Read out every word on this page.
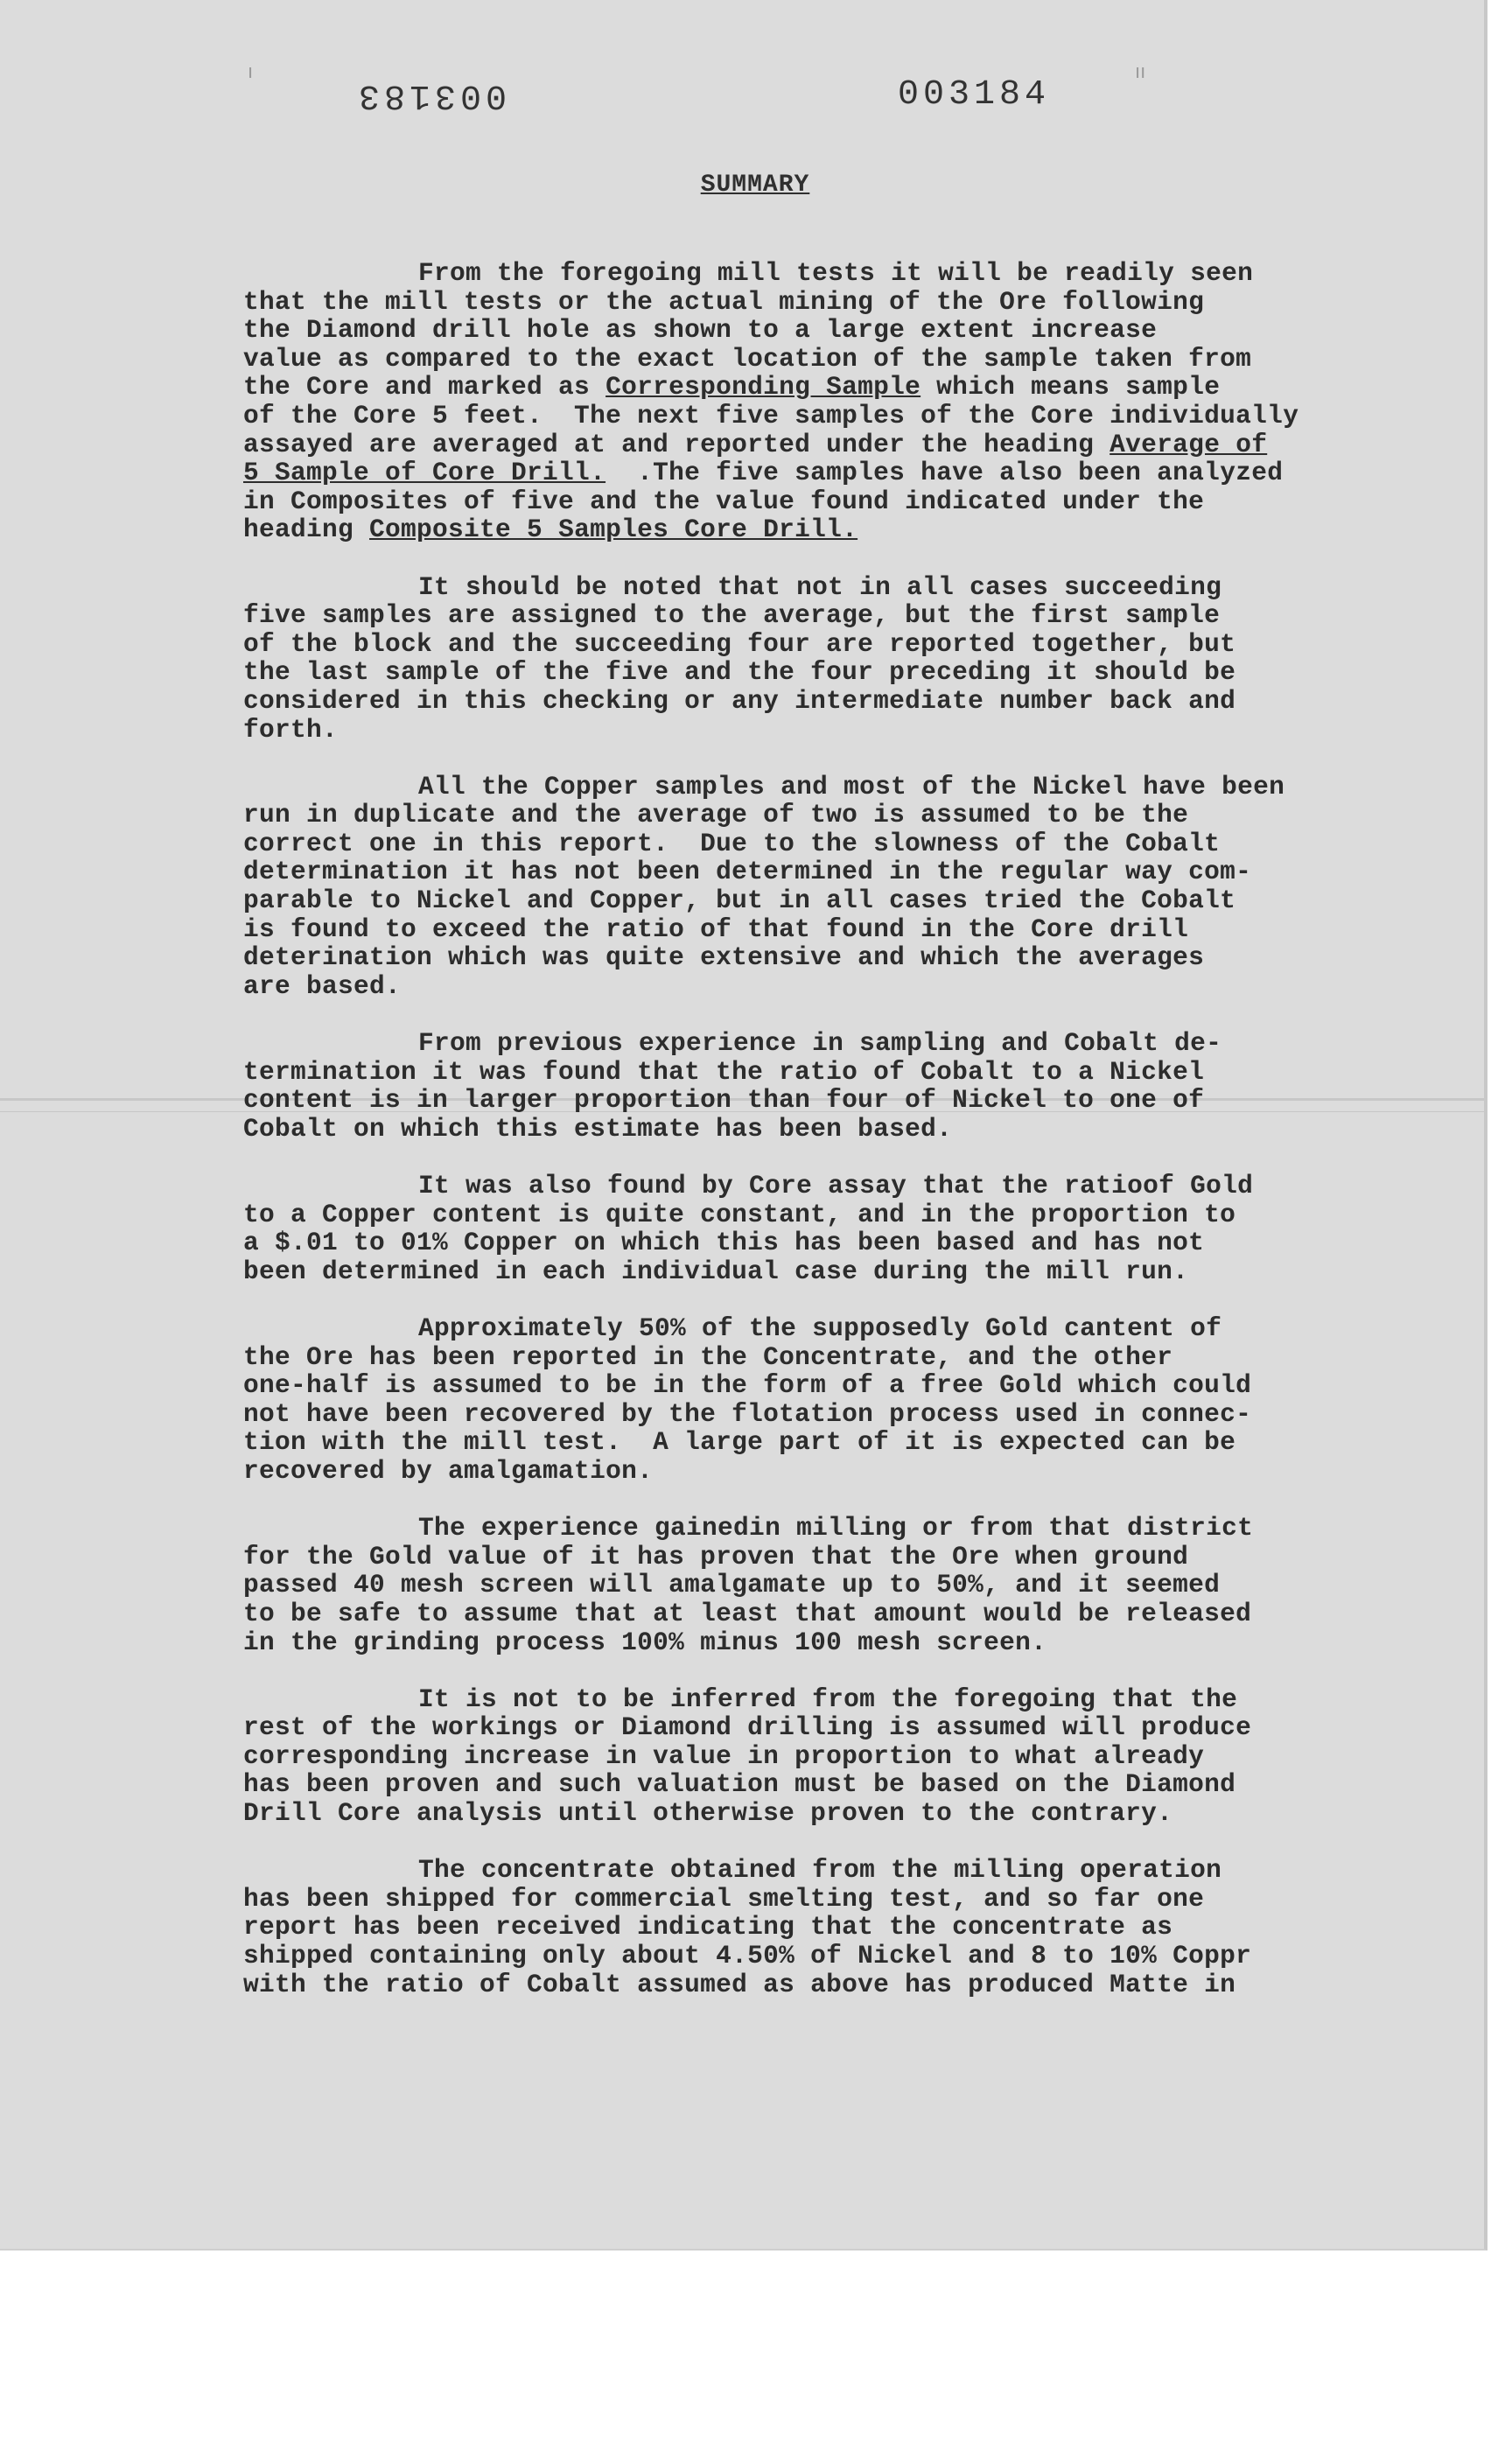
ı	ıı
003183	003184
SUMMARY
From the foregoing mill tests it will be readily seen
that the mill tests or the actual mining of the Ore following
the Diamond drill hole as shown to a large extent increase
value as compared to the exact location of the sample taken from
the Core and marked as Corresponding Sample which means sample
of the Core 5 feet.  The next five samples of the Core individually
assayed are averaged at and reported under the heading Average of
5 Sample of Core Drill.  .The five samples have also been analyzed
in Composites of five and the value found indicated under the
heading Composite 5 Samples Core Drill.
It should be noted that not in all cases succeeding
five samples are assigned to the average, but the first sample
of the block and the succeeding four are reported together, but
the last sample of the five and the four preceding it should be
considered in this checking or any intermediate number back and
forth.
All the Copper samples and most of the Nickel have been
run in duplicate and the average of two is assumed to be the
correct one in this report.  Due to the slowness of the Cobalt
determination it has not been determined in the regular way com-
parable to Nickel and Copper, but in all cases tried the Cobalt
is found to exceed the ratio of that found in the Core drill
deterination which was quite extensive and which the averages
are based.
From previous experience in sampling and Cobalt de-
termination it was found that the ratio of Cobalt to a Nickel
content is in larger proportion than four of Nickel to one of
Cobalt on which this estimate has been based.
It was also found by Core assay that the ratioof Gold
to a Copper content is quite constant, and in the proportion to
a $.01 to 01% Copper on which this has been based and has not
been determined in each individual case during the mill run.
Approximately 50% of the supposedly Gold cantent of
the Ore has been reported in the Concentrate, and the other
one-half is assumed to be in the form of a free Gold which could
not have been recovered by the flotation process used in connec-
tion with the mill test.  A large part of it is expected can be
recovered by amalgamation.
The experience gainedin milling or from that district
for the Gold value of it has proven that the Ore when ground
passed 40 mesh screen will amalgamate up to 50%, and it seemed
to be safe to assume that at least that amount would be released
in the grinding process 100% minus 100 mesh screen.
It is not to be inferred from the foregoing that the
rest of the workings or Diamond drilling is assumed will produce
corresponding increase in value in proportion to what already
has been proven and such valuation must be based on the Diamond
Drill Core analysis until otherwise proven to the contrary.
The concentrate obtained from the milling operation
has been shipped for commercial smelting test, and so far one
report has been received indicating that the concentrate as
shipped containing only about 4.50% of Nickel and 8 to 10% Coppr
with the ratio of Cobalt assumed as above has produced Matte in
